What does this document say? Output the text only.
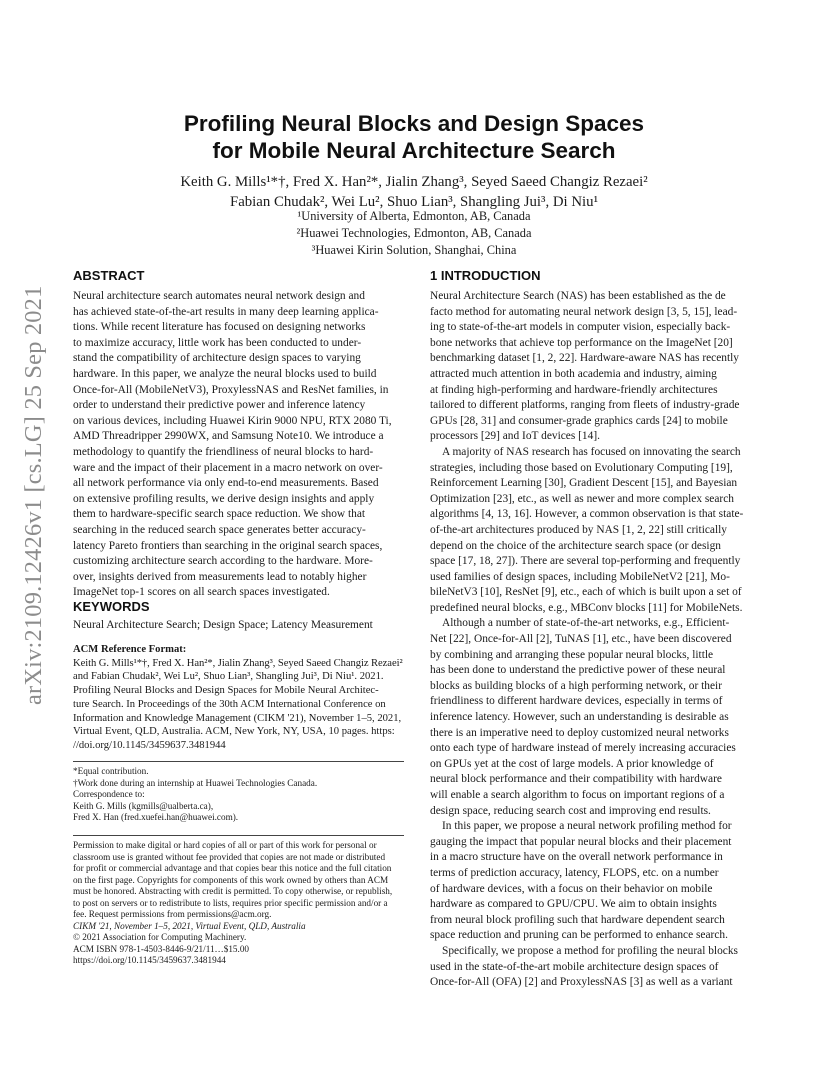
arXiv:2109.12426v1 [cs.LG] 25 Sep 2021
Profiling Neural Blocks and Design Spaces
for Mobile Neural Architecture Search
Keith G. Mills¹*†, Fred X. Han²*, Jialin Zhang³, Seyed Saeed Changiz Rezaei²
Fabian Chudak², Wei Lu², Shuo Lian³, Shangling Jui³, Di Niu¹
¹University of Alberta, Edmonton, AB, Canada
²Huawei Technologies, Edmonton, AB, Canada
³Huawei Kirin Solution, Shanghai, China
ABSTRACT
Neural architecture search automates neural network design and
has achieved state-of-the-art results in many deep learning applica-
tions. While recent literature has focused on designing networks
to maximize accuracy, little work has been conducted to under-
stand the compatibility of architecture design spaces to varying
hardware. In this paper, we analyze the neural blocks used to build
Once-for-All (MobileNetV3), ProxylessNAS and ResNet families, in
order to understand their predictive power and inference latency
on various devices, including Huawei Kirin 9000 NPU, RTX 2080 Ti,
AMD Threadripper 2990WX, and Samsung Note10. We introduce a
methodology to quantify the friendliness of neural blocks to hard-
ware and the impact of their placement in a macro network on over-
all network performance via only end-to-end measurements. Based
on extensive profiling results, we derive design insights and apply
them to hardware-specific search space reduction. We show that
searching in the reduced search space generates better accuracy-
latency Pareto frontiers than searching in the original search spaces,
customizing architecture search according to the hardware. More-
over, insights derived from measurements lead to notably higher
ImageNet top-1 scores on all search spaces investigated.
KEYWORDS
Neural Architecture Search; Design Space; Latency Measurement
ACM Reference Format:
Keith G. Mills¹*†, Fred X. Han²*, Jialin Zhang³, Seyed Saeed Changiz Rezaei²
and Fabian Chudak², Wei Lu², Shuo Lian³, Shangling Jui³, Di Niu¹. 2021.
Profiling Neural Blocks and Design Spaces for Mobile Neural Architec-
ture Search. In Proceedings of the 30th ACM International Conference on
Information and Knowledge Management (CIKM '21), November 1–5, 2021,
Virtual Event, QLD, Australia. ACM, New York, NY, USA, 10 pages. https:
//doi.org/10.1145/3459637.3481944
*Equal contribution.
†Work done during an internship at Huawei Technologies Canada.
Correspondence to:
Keith G. Mills (kgmills@ualberta.ca),
Fred X. Han (fred.xuefei.han@huawei.com).
Permission to make digital or hard copies of all or part of this work for personal or
classroom use is granted without fee provided that copies are not made or distributed
for profit or commercial advantage and that copies bear this notice and the full citation
on the first page. Copyrights for components of this work owned by others than ACM
must be honored. Abstracting with credit is permitted. To copy otherwise, or republish,
to post on servers or to redistribute to lists, requires prior specific permission and/or a
fee. Request permissions from permissions@acm.org.
CIKM '21, November 1–5, 2021, Virtual Event, QLD, Australia
© 2021 Association for Computing Machinery.
ACM ISBN 978-1-4503-8446-9/21/11…$15.00
https://doi.org/10.1145/3459637.3481944
1 INTRODUCTION
Neural Architecture Search (NAS) has been established as the de
facto method for automating neural network design [3, 5, 15], lead-
ing to state-of-the-art models in computer vision, especially back-
bone networks that achieve top performance on the ImageNet [20]
benchmarking dataset [1, 2, 22]. Hardware-aware NAS has recently
attracted much attention in both academia and industry, aiming
at finding high-performing and hardware-friendly architectures
tailored to different platforms, ranging from fleets of industry-grade
GPUs [28, 31] and consumer-grade graphics cards [24] to mobile
processors [29] and IoT devices [14].
A majority of NAS research has focused on innovating the search
strategies, including those based on Evolutionary Computing [19],
Reinforcement Learning [30], Gradient Descent [15], and Bayesian
Optimization [23], etc., as well as newer and more complex search
algorithms [4, 13, 16]. However, a common observation is that state-
of-the-art architectures produced by NAS [1, 2, 22] still critically
depend on the choice of the architecture search space (or design
space [17, 18, 27]). There are several top-performing and frequently
used families of design spaces, including MobileNetV2 [21], Mo-
bileNetV3 [10], ResNet [9], etc., each of which is built upon a set of
predefined neural blocks, e.g., MBConv blocks [11] for MobileNets.
Although a number of state-of-the-art networks, e.g., Efficient-
Net [22], Once-for-All [2], TuNAS [1], etc., have been discovered
by combining and arranging these popular neural blocks, little
has been done to understand the predictive power of these neural
blocks as building blocks of a high performing network, or their
friendliness to different hardware devices, especially in terms of
inference latency. However, such an understanding is desirable as
there is an imperative need to deploy customized neural networks
onto each type of hardware instead of merely increasing accuracies
on GPUs yet at the cost of large models. A prior knowledge of
neural block performance and their compatibility with hardware
will enable a search algorithm to focus on important regions of a
design space, reducing search cost and improving end results.
In this paper, we propose a neural network profiling method for
gauging the impact that popular neural blocks and their placement
in a macro structure have on the overall network performance in
terms of prediction accuracy, latency, FLOPS, etc. on a number
of hardware devices, with a focus on their behavior on mobile
hardware as compared to GPU/CPU. We aim to obtain insights
from neural block profiling such that hardware dependent search
space reduction and pruning can be performed to enhance search.
Specifically, we propose a method for profiling the neural blocks
used in the state-of-the-art mobile architecture design spaces of
Once-for-All (OFA) [2] and ProxylessNAS [3] as well as a variant
